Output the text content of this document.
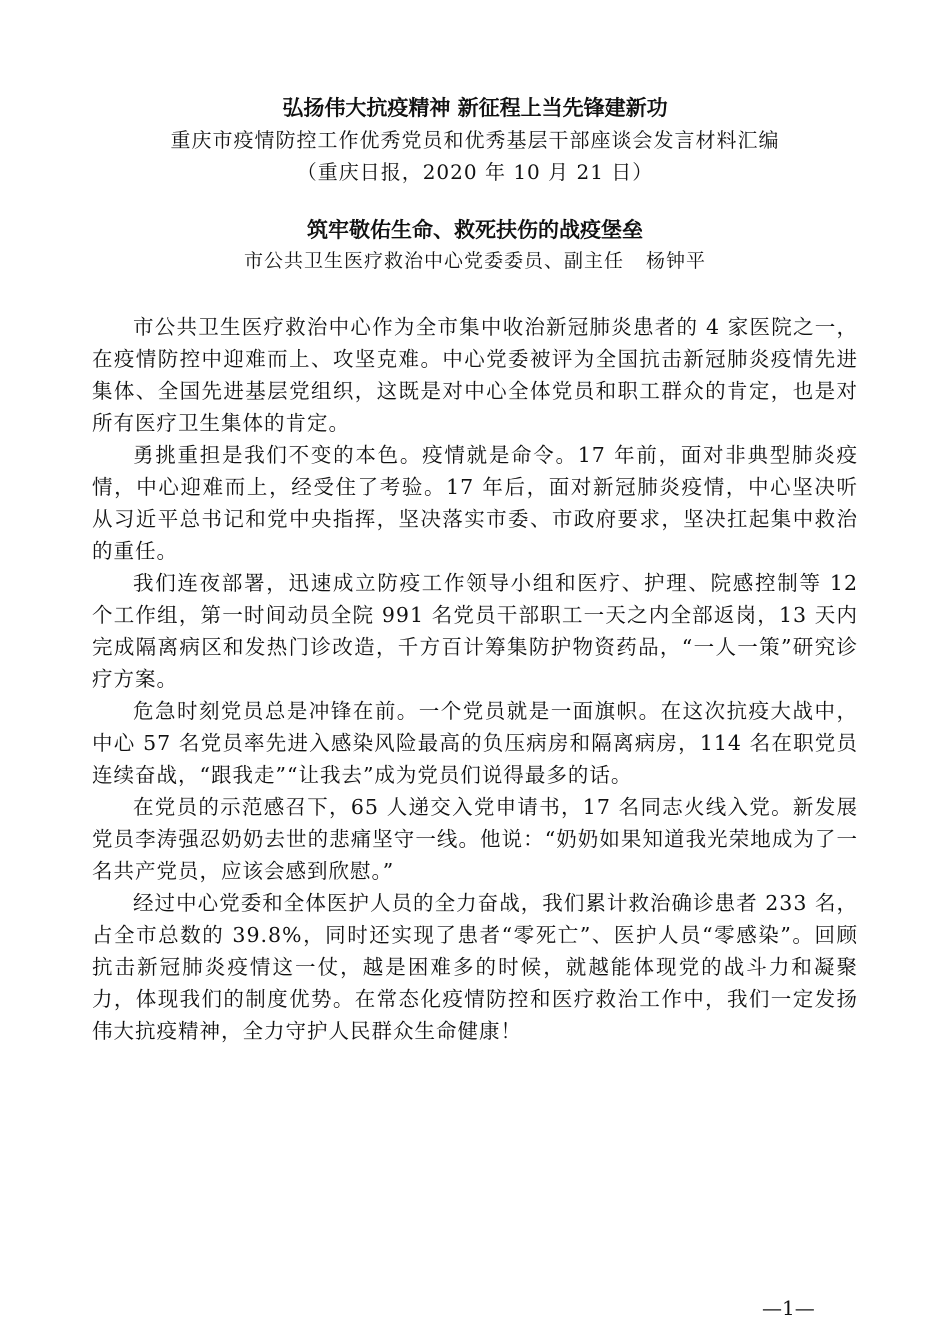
弘扬伟大抗疫精神 新征程上当先锋建新功
重庆市疫情防控工作优秀党员和优秀基层干部座谈会发言材料汇编
（重庆日报，2020 年 10 月 21 日）
筑牢敬佑生命、救死扶伤的战疫堡垒
市公共卫生医疗救治中心党委委员、副主任 杨钟平

市公共卫生医疗救治中心作为全市集中收治新冠肺炎患者的 4 家医院之一， 在疫情防控中迎难而上、攻坚克难。中心党委被评为全国抗击新冠肺炎疫情先进集体、全国先进基层党组织，这既是对中心全体党员和职工群众的肯定，也是对所有医疗卫生集体的肯定。

勇挑重担是我们不变的本色。疫情就是命令。17 年前，面对非典型肺炎疫情，中心迎难而上，经受住了考验。17 年后，面对新冠肺炎疫情，中心坚决听从习近平总书记和党中央指挥，坚决落实市委、市政府要求，坚决扛起集中救治的重任。

我们连夜部署，迅速成立防疫工作领导小组和医疗、护理、院感控制等 12 个工作组，第一时间动员全院 991 名党员干部职工一天之内全部返岗，13 天内完成隔离病区和发热门诊改造，千方百计筹集防护物资药品，“一人一策”研究诊疗方案。

危急时刻党员总是冲锋在前。一个党员就是一面旗帜。在这次抗疫大战中，中心 57 名党员率先进入感染风险最高的负压病房和隔离病房，114 名在职党员连续奋战，“跟我走”“让我去”成为党员们说得最多的话。

在党员的示范感召下，65 人递交入党申请书，17 名同志火线入党。新发展党员李涛强忍奶奶去世的悲痛坚守一线。他说：“奶奶如果知道我光荣地成为了一名共产党员，应该会感到欣慰。”

经过中心党委和全体医护人员的全力奋战，我们累计救治确诊患者 233 名， 占全市总数的 39.8%，同时还实现了患者“零死亡”、医护人员“零感染”。回顾抗击新冠肺炎疫情这一仗，越是困难多的时候，就越能体现党的战斗力和凝聚力，体现我们的制度优势。在常态化疫情防控和医疗救治工作中，我们一定发扬伟大抗疫精神，全力守护人民群众生命健康！

—1—
